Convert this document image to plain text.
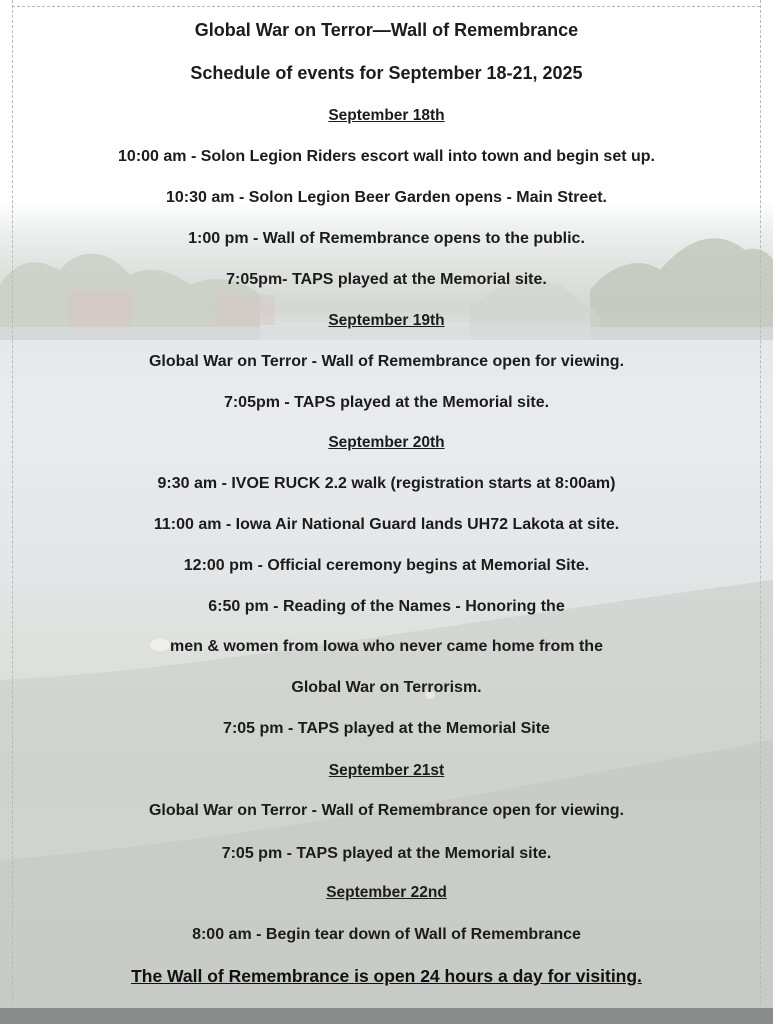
Global War on Terror—Wall of Remembrance
Schedule of events for September 18-21, 2025
September 18th
10:00 am - Solon Legion Riders escort wall into town and begin set up.
10:30 am - Solon Legion Beer Garden opens - Main Street.
1:00 pm - Wall of Remembrance opens to the public.
7:05pm- TAPS played at the Memorial site.
September 19th
Global War on Terror - Wall of Remembrance open for viewing.
7:05pm - TAPS played at the Memorial site.
September 20th
9:30 am - IVOE RUCK 2.2 walk (registration starts at 8:00am)
11:00 am - Iowa Air National Guard lands UH72 Lakota at site.
12:00 pm - Official ceremony begins at Memorial Site.
6:50 pm - Reading of the Names - Honoring the
men & women from Iowa who never came home from the
Global War on Terrorism.
7:05 pm - TAPS played at the Memorial Site
September 21st
Global War on Terror - Wall of Remembrance open for viewing.
7:05 pm - TAPS played at the Memorial site.
September 22nd
8:00 am - Begin tear down of Wall of Remembrance
The Wall of Remembrance is open 24 hours a day for visiting.
